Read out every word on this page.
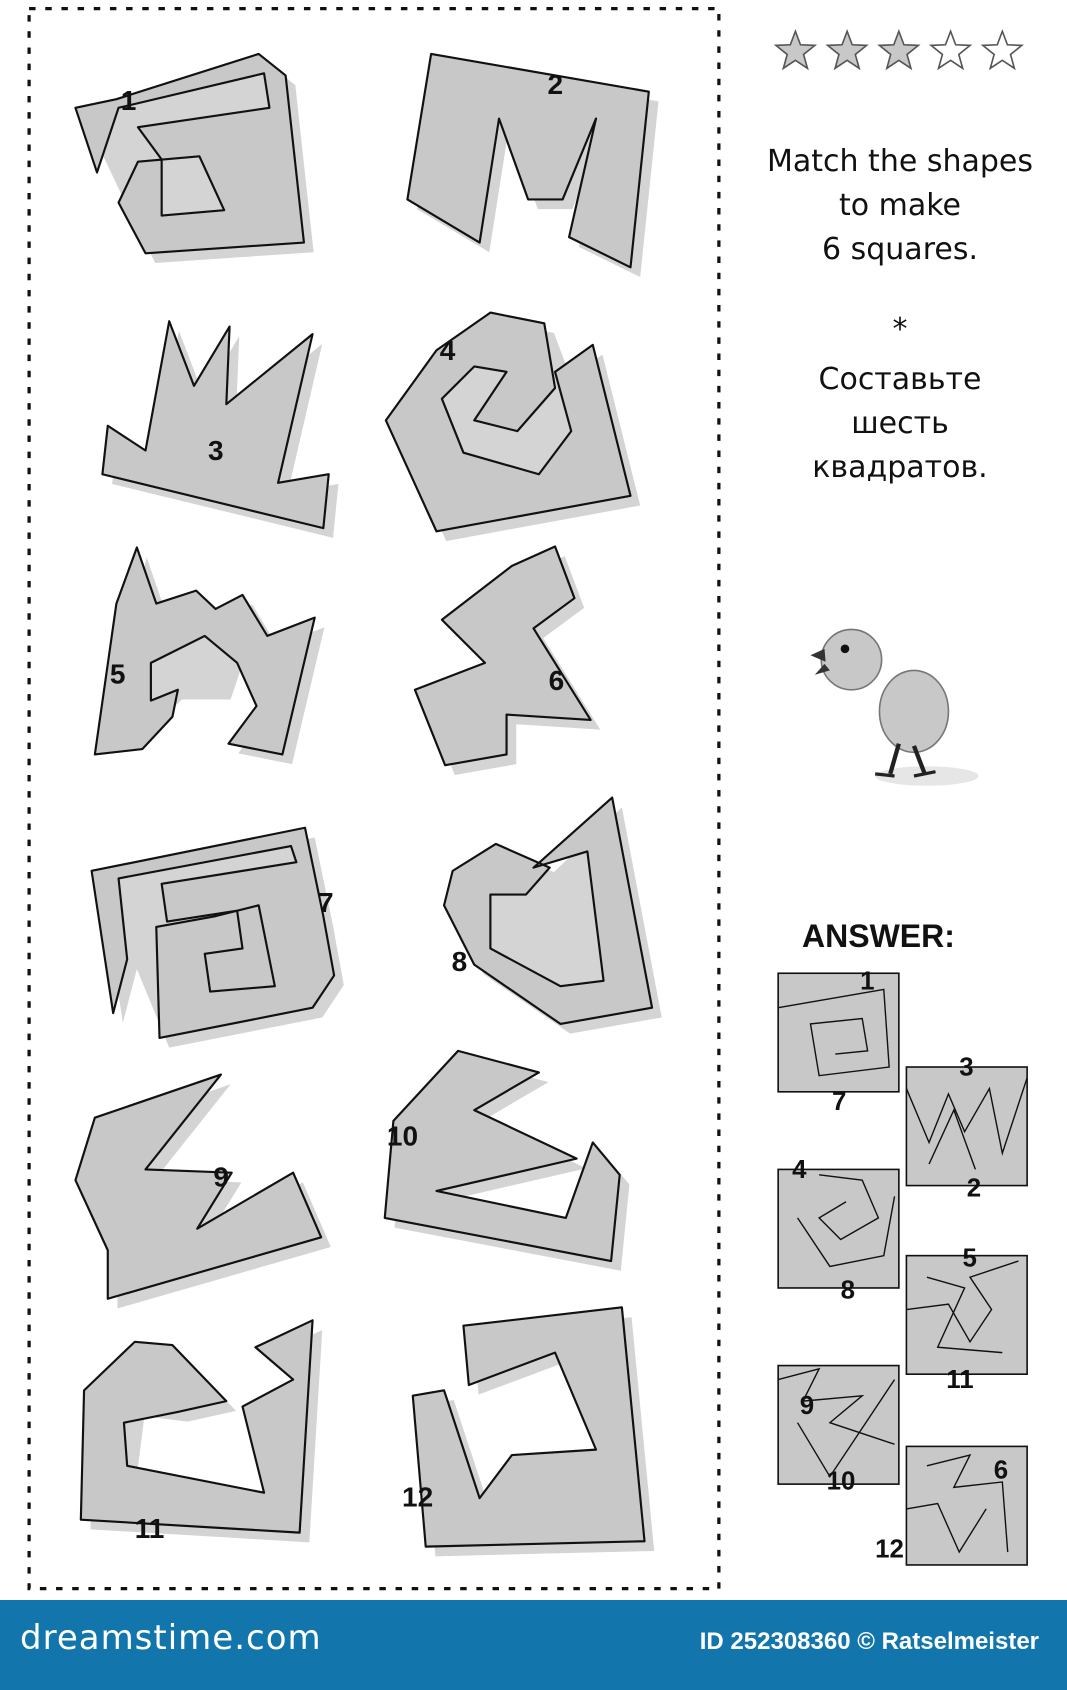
1
2
3
4
5	6
7
8
9
10
11
12
1
7
3
2
4
8
5
11
9
10	6
12
Match the shapes
to make
6 squares.
*
Составьте
шесть
квадратов.
ANSWER:
dreamstime.com	ID 252308360 © Ratselmeister
